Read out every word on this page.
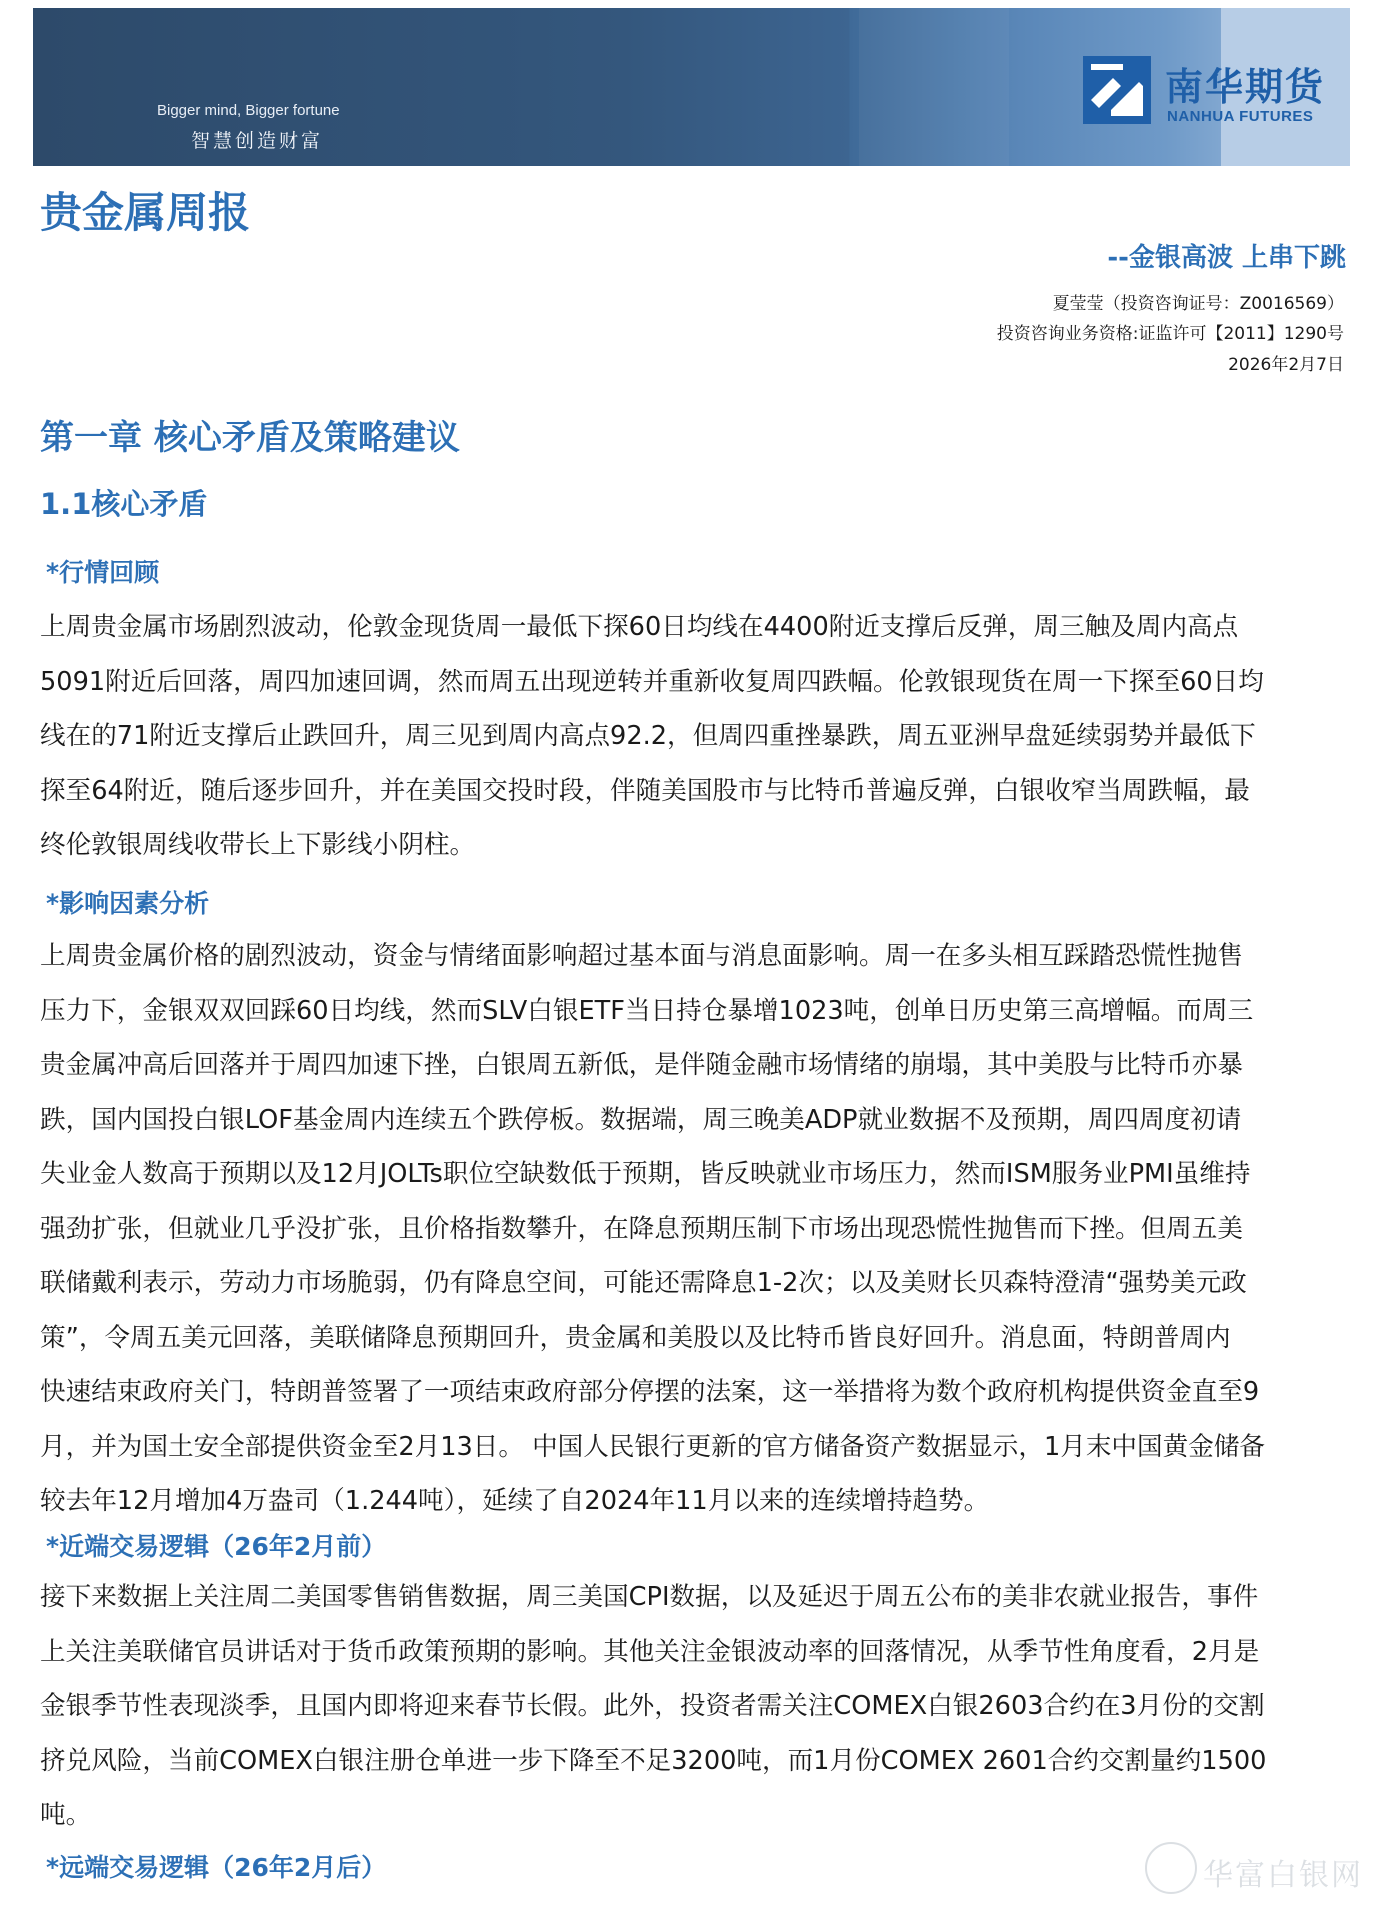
Bigger mind, Bigger fortune
智慧创造财富
南华期货
NANHUA FUTURES
贵金属周报
--金银高波 上串下跳
夏莹莹（投资咨询证号：Z0016569）
投资咨询业务资格:证监许可【2011】1290号
2026年2月7日
第一章 核心矛盾及策略建议
1.1核心矛盾
*行情回顾
上周贵金属市场剧烈波动，伦敦金现货周一最低下探60日均线在4400附近支撑后反弹，周三触及周内高点
5091附近后回落，周四加速回调，然而周五出现逆转并重新收复周四跌幅。伦敦银现货在周一下探至60日均
线在的71附近支撑后止跌回升，周三见到周内高点92.2，但周四重挫暴跌，周五亚洲早盘延续弱势并最低下
探至64附近，随后逐步回升，并在美国交投时段，伴随美国股市与比特币普遍反弹，白银收窄当周跌幅，最
终伦敦银周线收带长上下影线小阴柱。
*影响因素分析
上周贵金属价格的剧烈波动，资金与情绪面影响超过基本面与消息面影响。周一在多头相互踩踏恐慌性抛售
压力下，金银双双回踩60日均线，然而SLV白银ETF当日持仓暴增1023吨，创单日历史第三高增幅。而周三
贵金属冲高后回落并于周四加速下挫，白银周五新低，是伴随金融市场情绪的崩塌，其中美股与比特币亦暴
跌，国内国投白银LOF基金周内连续五个跌停板。数据端，周三晚美ADP就业数据不及预期，周四周度初请
失业金人数高于预期以及12月JOLTs职位空缺数低于预期，皆反映就业市场压力，然而ISM服务业PMI虽维持
强劲扩张，但就业几乎没扩张，且价格指数攀升，在降息预期压制下市场出现恐慌性抛售而下挫。但周五美
联储戴利表示，劳动力市场脆弱，仍有降息空间，可能还需降息1-2次；以及美财长贝森特澄清“强势美元政
策”，令周五美元回落，美联储降息预期回升，贵金属和美股以及比特币皆良好回升。消息面，特朗普周内
快速结束政府关门，特朗普签署了一项结束政府部分停摆的法案，这一举措将为数个政府机构提供资金直至9
月，并为国土安全部提供资金至2月13日。 中国人民银行更新的官方储备资产数据显示，1月末中国黄金储备
较去年12月增加4万盎司（1.244吨），延续了自2024年11月以来的连续增持趋势。
*近端交易逻辑（26年2月前）
接下来数据上关注周二美国零售销售数据，周三美国CPI数据，以及延迟于周五公布的美非农就业报告，事件
上关注美联储官员讲话对于货币政策预期的影响。其他关注金银波动率的回落情况，从季节性角度看，2月是
金银季节性表现淡季，且国内即将迎来春节长假。此外，投资者需关注COMEX白银2603合约在3月份的交割
挤兑风险，当前COMEX白银注册仓单进一步下降至不足3200吨，而1月份COMEX 2601合约交割量约1500
吨。
*远端交易逻辑（26年2月后）	华富白银网
